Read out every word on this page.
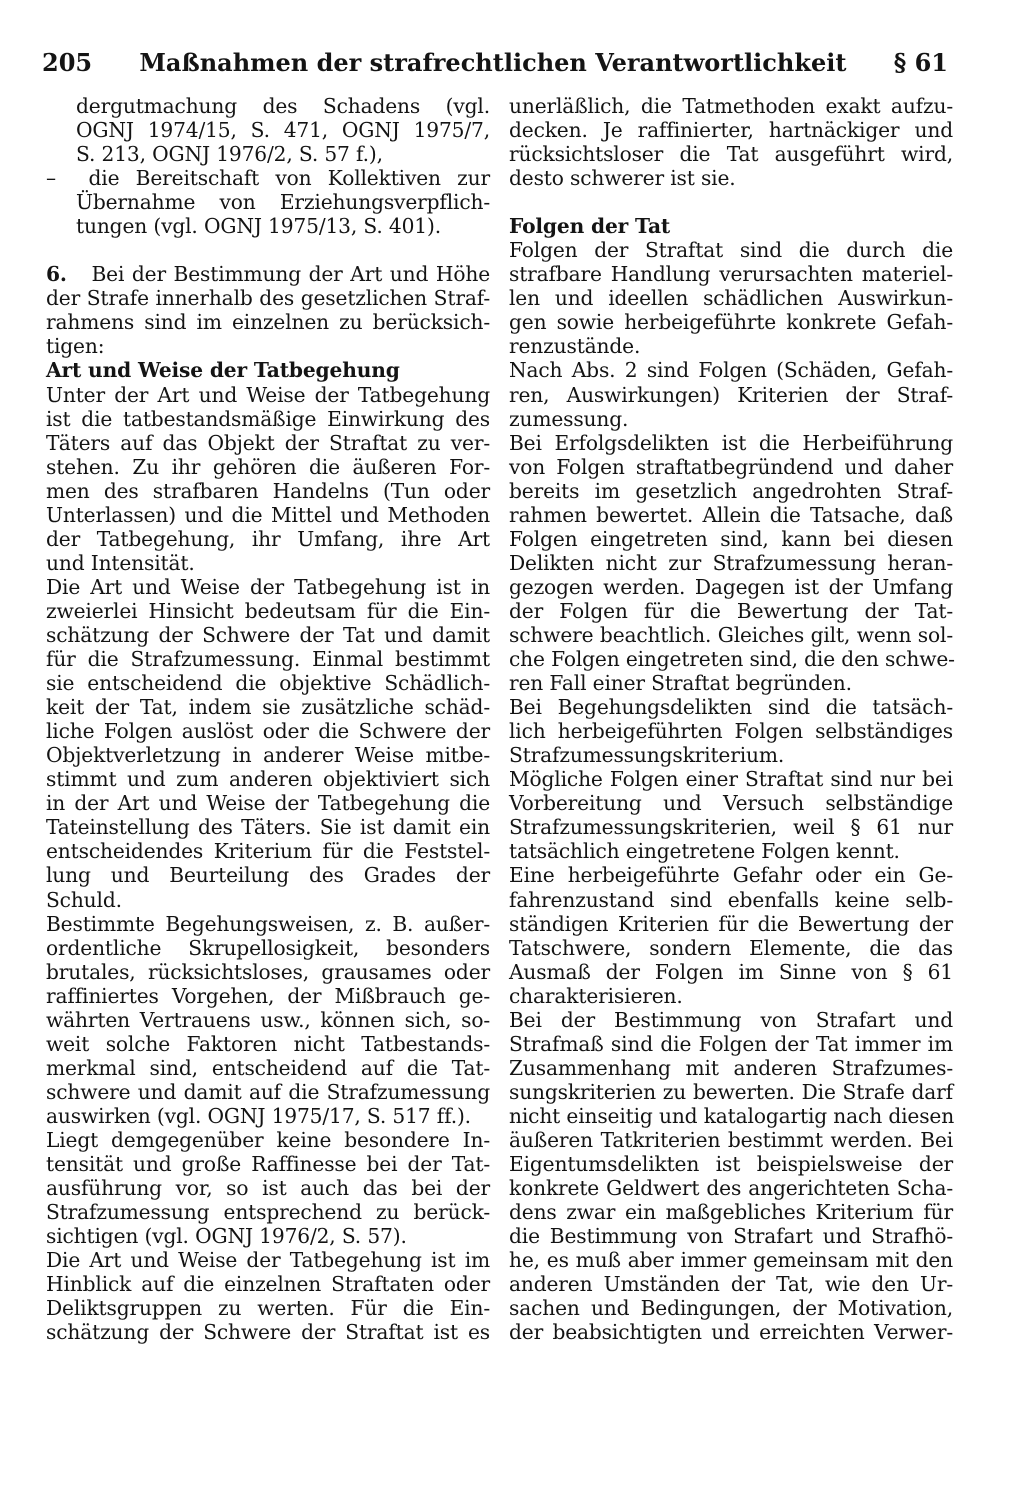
205	Maßnahmen der strafrechtlichen Verantwortlichkeit	§ 61
dergutmachung des Schadens (vgl.
OGNJ 1974/15, S. 471, OGNJ 1975/7,
S. 213, OGNJ 1976/2, S. 57 f.),
–  die Bereitschaft von Kollektiven zur
Übernahme von Erziehungsverpflich-
tungen (vgl. OGNJ 1975/13, S. 401).
6.   Bei der Bestimmung der Art und Höhe
der Strafe innerhalb des gesetzlichen Straf-
rahmens sind im einzelnen zu berücksich-
tigen:
Art und Weise der Tatbegehung
Unter der Art und Weise der Tatbegehung
ist die tatbestandsmäßige Einwirkung des
Täters auf das Objekt der Straftat zu ver-
stehen. Zu ihr gehören die äußeren For-
men des strafbaren Handelns (Tun oder
Unterlassen) und die Mittel und Methoden
der Tatbegehung, ihr Umfang, ihre Art
und Intensität.
Die Art und Weise der Tatbegehung ist in
zweierlei Hinsicht bedeutsam für die Ein-
schätzung der Schwere der Tat und damit
für die Strafzumessung. Einmal bestimmt
sie entscheidend die objektive Schädlich-
keit der Tat, indem sie zusätzliche schäd-
liche Folgen auslöst oder die Schwere der
Objektverletzung in anderer Weise mitbe-
stimmt und zum anderen objektiviert sich
in der Art und Weise der Tatbegehung die
Tateinstellung des Täters. Sie ist damit ein
entscheidendes Kriterium für die Feststel-
lung und Beurteilung des Grades der
Schuld.
Bestimmte Begehungsweisen, z. B. außer-
ordentliche Skrupellosigkeit, besonders
brutales, rücksichtsloses, grausames oder
raffiniertes Vorgehen, der Mißbrauch ge-
währten Vertrauens usw., können sich, so-
weit solche Faktoren nicht Tatbestands-
merkmal sind, entscheidend auf die Tat-
schwere und damit auf die Strafzumessung
auswirken (vgl. OGNJ 1975/17, S. 517 ff.).
Liegt demgegenüber keine besondere In-
tensität und große Raffinesse bei der Tat-
ausführung vor, so ist auch das bei der
Strafzumessung entsprechend zu berück-
sichtigen (vgl. OGNJ 1976/2, S. 57).
Die Art und Weise der Tatbegehung ist im
Hinblick auf die einzelnen Straftaten oder
Deliktsgruppen zu werten. Für die Ein-
schätzung der Schwere der Straftat ist es
unerläßlich, die Tatmethoden exakt aufzu-
decken. Je raffinierter, hartnäckiger und
rücksichtsloser die Tat ausgeführt wird,
desto schwerer ist sie.
Folgen der Tat
Folgen der Straftat sind die durch die
strafbare Handlung verursachten materiel-
len und ideellen schädlichen Auswirkun-
gen sowie herbeigeführte konkrete Gefah-
renzustände.
Nach Abs. 2 sind Folgen (Schäden, Gefah-
ren, Auswirkungen) Kriterien der Straf-
zumessung.
Bei Erfolgsdelikten ist die Herbeiführung
von Folgen straftatbegründend und daher
bereits im gesetzlich angedrohten Straf-
rahmen bewertet. Allein die Tatsache, daß
Folgen eingetreten sind, kann bei diesen
Delikten nicht zur Strafzumessung heran-
gezogen werden. Dagegen ist der Umfang
der Folgen für die Bewertung der Tat-
schwere beachtlich. Gleiches gilt, wenn sol-
che Folgen eingetreten sind, die den schwe-
ren Fall einer Straftat begründen.
Bei Begehungsdelikten sind die tatsäch-
lich herbeigeführten Folgen selbständiges
Strafzumessungskriterium.
Mögliche Folgen einer Straftat sind nur bei
Vorbereitung und Versuch selbständige
Strafzumessungskriterien, weil § 61 nur
tatsächlich eingetretene Folgen kennt.
Eine herbeigeführte Gefahr oder ein Ge-
fahrenzustand sind ebenfalls keine selb-
ständigen Kriterien für die Bewertung der
Tatschwere, sondern Elemente, die das
Ausmaß der Folgen im Sinne von § 61
charakterisieren.
Bei der Bestimmung von Strafart und
Strafmaß sind die Folgen der Tat immer im
Zusammenhang mit anderen Strafzumes-
sungskriterien zu bewerten. Die Strafe darf
nicht einseitig und katalogartig nach diesen
äußeren Tatkriterien bestimmt werden. Bei
Eigentumsdelikten ist beispielsweise der
konkrete Geldwert des angerichteten Scha-
dens zwar ein maßgebliches Kriterium für
die Bestimmung von Strafart und Strafhö-
he, es muß aber immer gemeinsam mit den
anderen Umständen der Tat, wie den Ur-
sachen und Bedingungen, der Motivation,
der beabsichtigten und erreichten Verwer-
